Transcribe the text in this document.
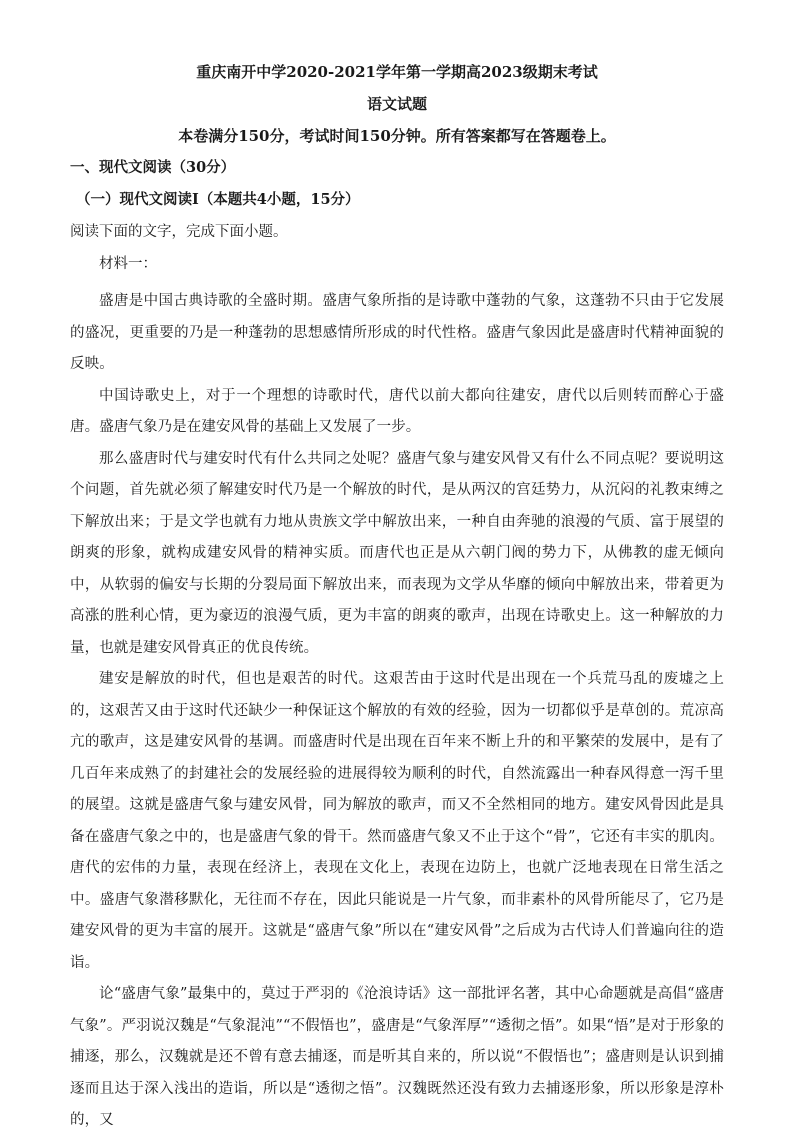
重庆南开中学2020-2021学年第一学期高2023级期末考试
语文试题
本卷满分150分，考试时间150分钟。所有答案都写在答题卷上。
一、现代文阅读（30分）
（一）现代文阅读Ⅰ（本题共4小题，15分）
阅读下面的文字，完成下面小题。
材料一：

盛唐是中国古典诗歌的全盛时期。盛唐气象所指的是诗歌中蓬勃的气象，这蓬勃不只由于它发展的盛况，更重要的乃是一种蓬勃的思想感情所形成的时代性格。盛唐气象因此是盛唐时代精神面貌的反映。

中国诗歌史上，对于一个理想的诗歌时代，唐代以前大都向往建安，唐代以后则转而醉心于盛唐。盛唐气象乃是在建安风骨的基础上又发展了一步。

那么盛唐时代与建安时代有什么共同之处呢？盛唐气象与建安风骨又有什么不同点呢？要说明这个问题，首先就必须了解建安时代乃是一个解放的时代，是从两汉的宫廷势力，从沉闷的礼教束缚之下解放出来；于是文学也就有力地从贵族文学中解放出来，一种自由奔驰的浪漫的气质、富于展望的朗爽的形象，就构成建安风骨的精神实质。而唐代也正是从六朝门阀的势力下，从佛教的虚无倾向中，从软弱的偏安与长期的分裂局面下解放出来，而表现为文学从华靡的倾向中解放出来，带着更为高涨的胜利心情，更为豪迈的浪漫气质，更为丰富的朗爽的歌声，出现在诗歌史上。这一种解放的力量，也就是建安风骨真正的优良传统。

建安是解放的时代，但也是艰苦的时代。这艰苦由于这时代是出现在一个兵荒马乱的废墟之上的，这艰苦又由于这时代还缺少一种保证这个解放的有效的经验，因为一切都似乎是草创的。荒凉高亢的歌声，这是建安风骨的基调。而盛唐时代是出现在百年来不断上升的和平繁荣的发展中，是有了几百年来成熟了的封建社会的发展经验的进展得较为顺利的时代，自然流露出一种春风得意一泻千里的展望。这就是盛唐气象与建安风骨，同为解放的歌声，而又不全然相同的地方。建安风骨因此是具备在盛唐气象之中的，也是盛唐气象的骨干。然而盛唐气象又不止于这个“骨”，它还有丰实的肌肉。唐代的宏伟的力量，表现在经济上，表现在文化上，表现在边防上，也就广泛地表现在日常生活之中。盛唐气象潜移默化，无往而不存在，因此只能说是一片气象，而非素朴的风骨所能尽了，它乃是建安风骨的更为丰富的展开。这就是“盛唐气象”所以在“建安风骨”之后成为古代诗人们普遍向往的造诣。

论“盛唐气象”最集中的，莫过于严羽的《沧浪诗话》这一部批评名著，其中心命题就是高倡“盛唐气象”。严羽说汉魏是“气象混沌”“不假悟也”，盛唐是“气象浑厚”“透彻之悟”。如果“悟”是对于形象的捕逐，那么，汉魏就是还不曾有意去捕逐，而是听其自来的，所以说“不假悟也”；盛唐则是认识到捕逐而且达于深入浅出的造诣，所以是“透彻之悟”。汉魏既然还没有致力去捕逐形象，所以形象是淳朴的，又
